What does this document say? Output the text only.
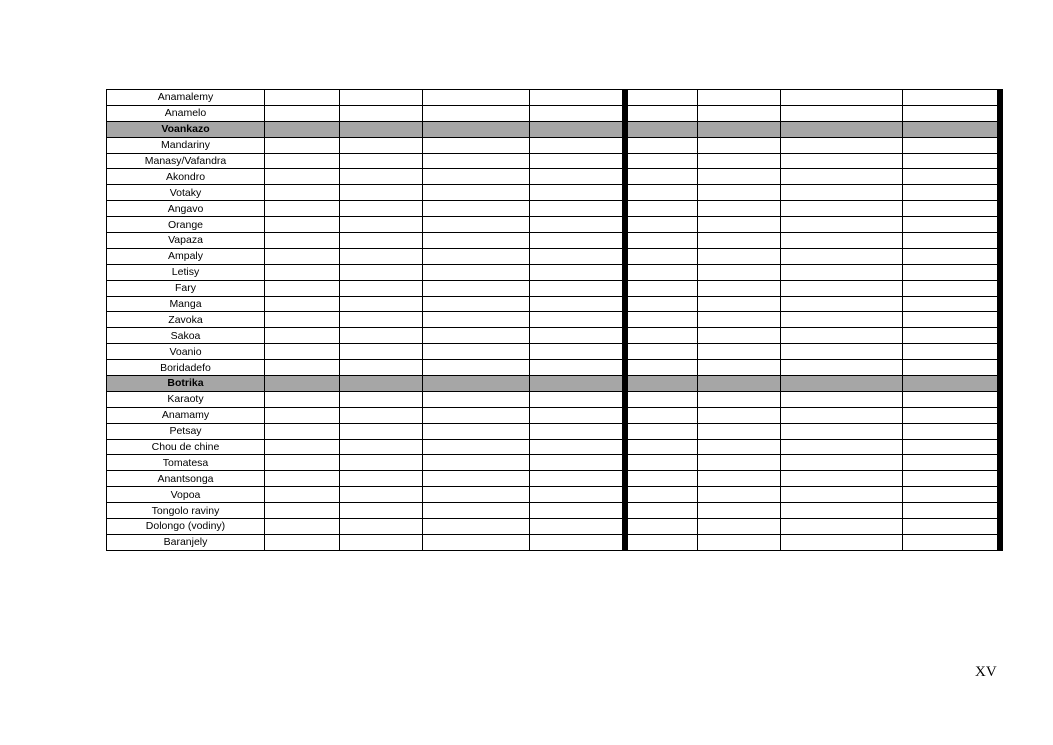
Anamalemy								
Anamelo								
Voankazo								
Mandariny								
Manasy/Vafandra								
Akondro								
Votaky								
Angavo								
Orange								
Vapaza								
Ampaly								
Letisy								
Fary								
Manga								
Zavoka								
Sakoa								
Voanio								
Boridadefo								
Botrika								
Karaoty								
Anamamy								
Petsay								
Chou de chine								
Tomatesa								
Anantsonga								
Vopoa								
Tongolo raviny								
Dolongo (vodiny)								
Baranjely								
XV
